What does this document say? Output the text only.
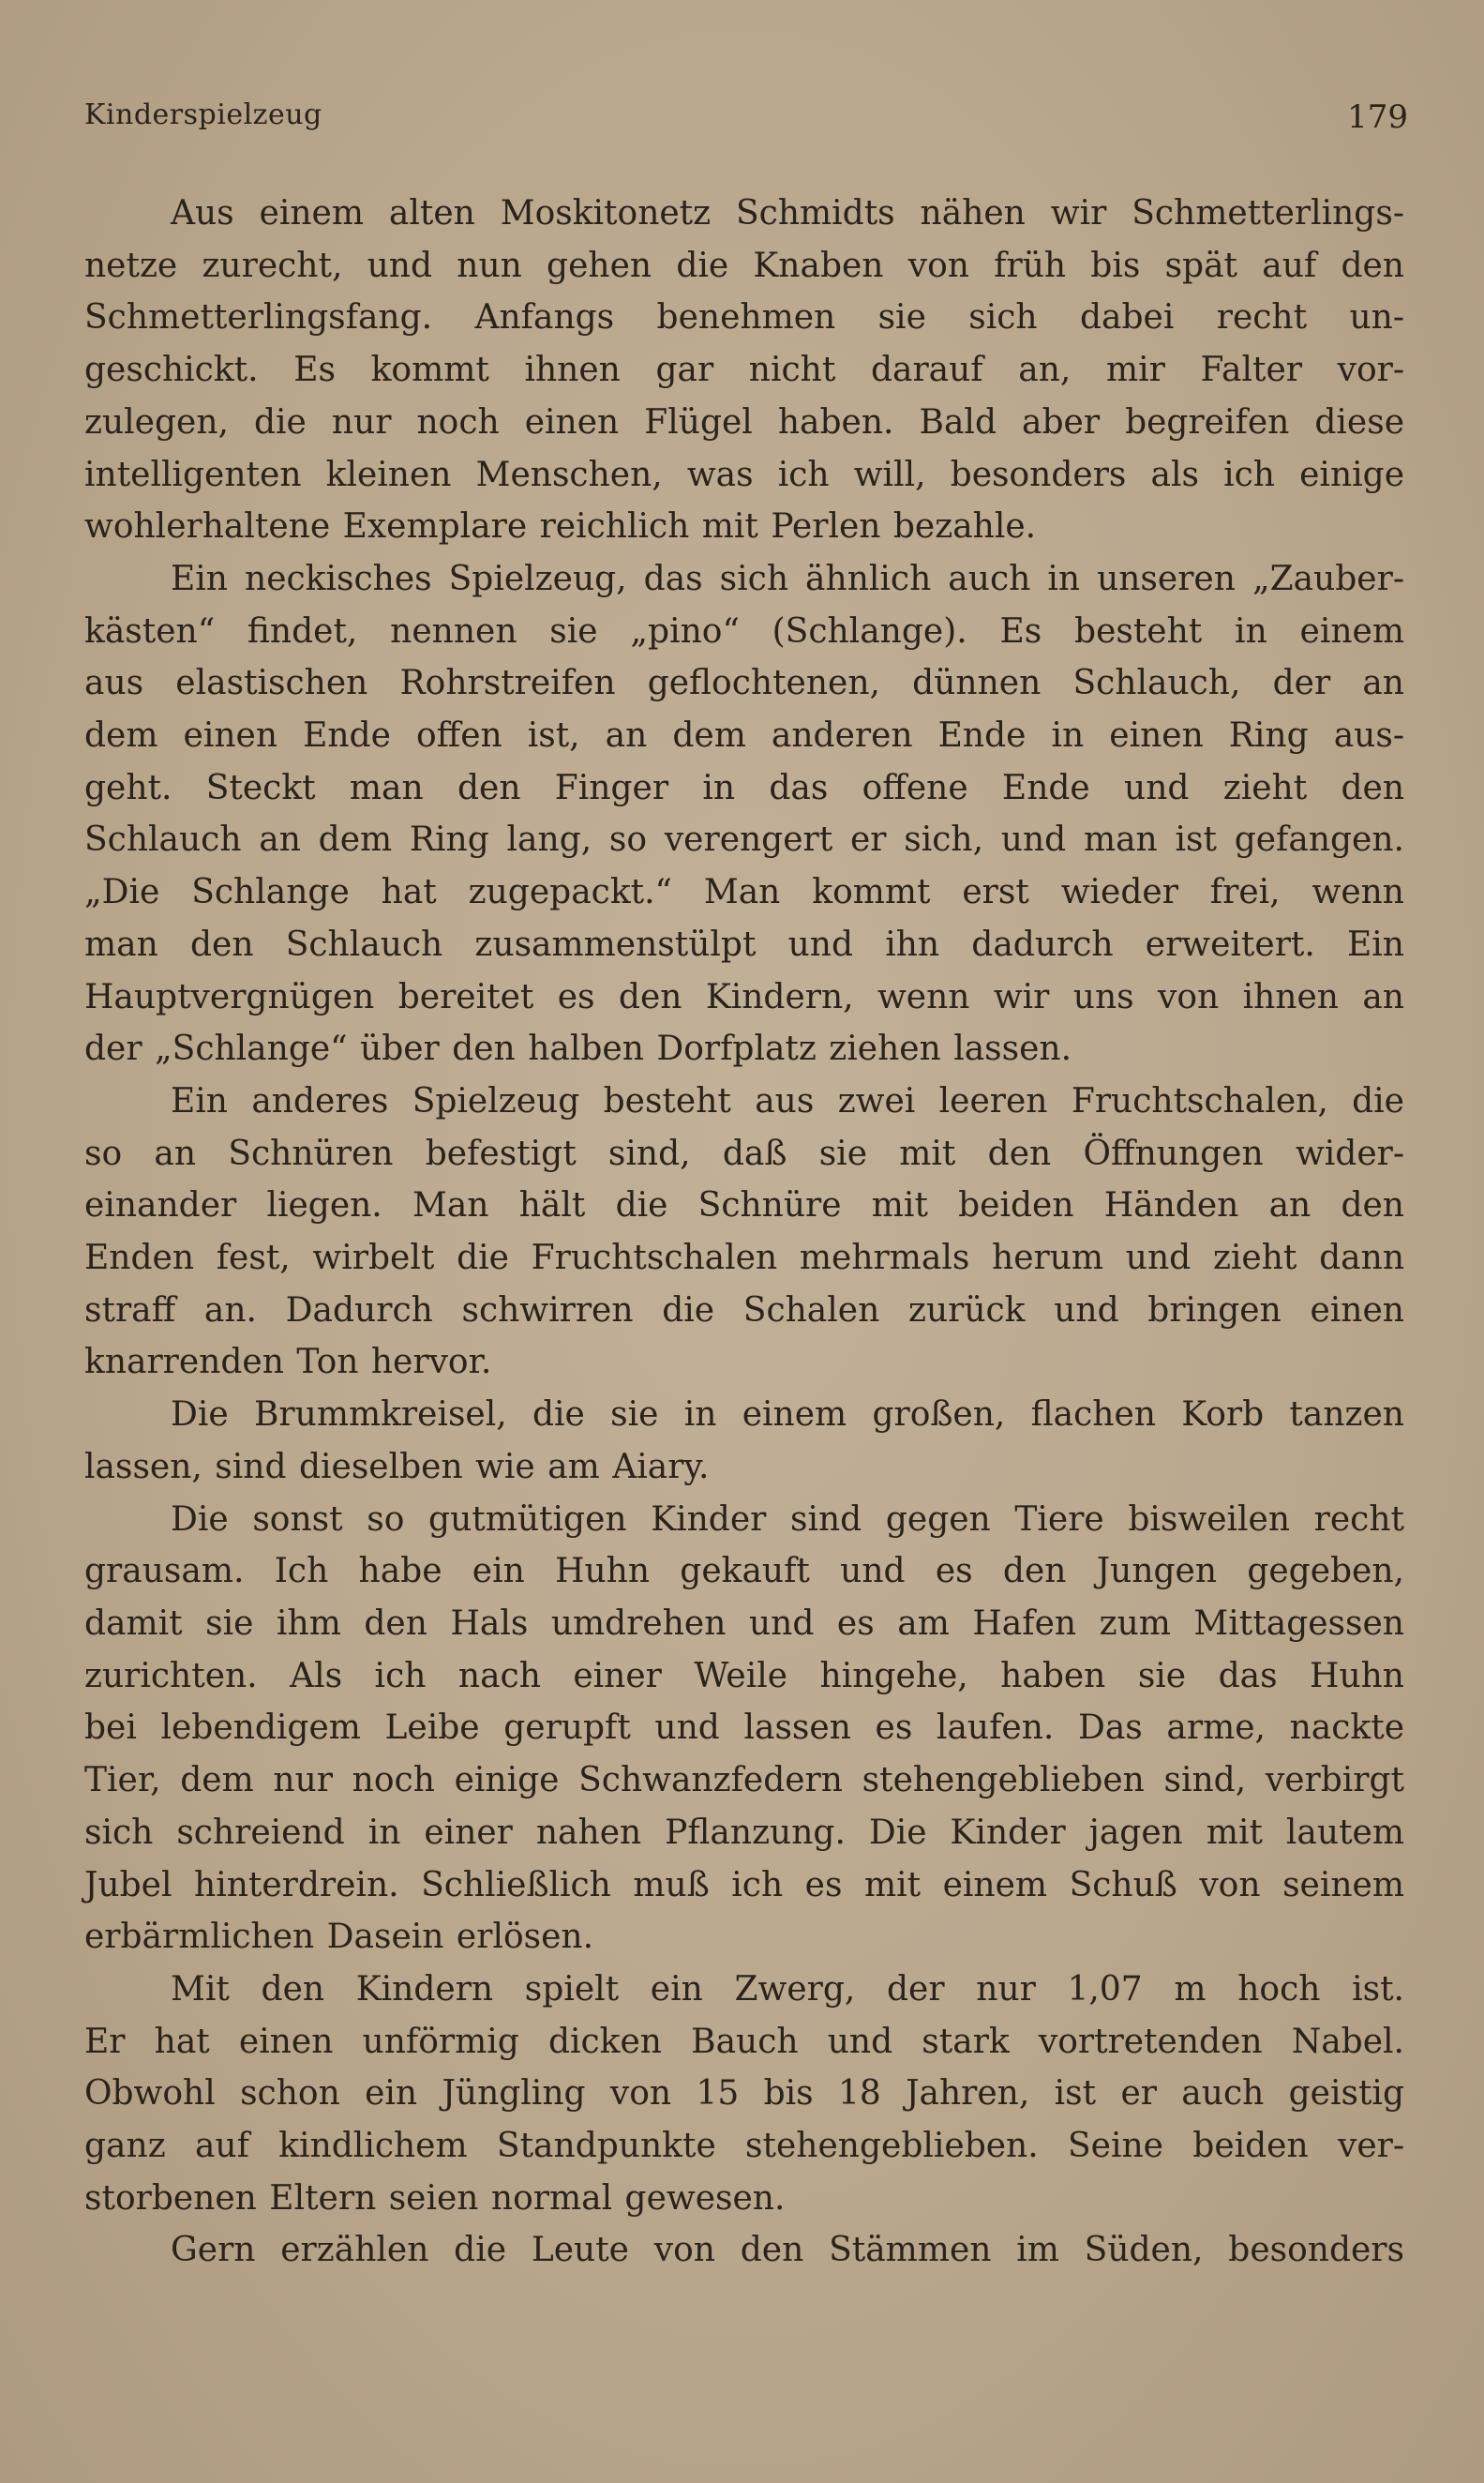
Kinderspielzeug	179

Aus einem alten Moskitonetz Schmidts nähen wir Schmetterlings-
netze zurecht, und nun gehen die Knaben von früh bis spät auf den
Schmetterlingsfang. Anfangs benehmen sie sich dabei recht un-
geschickt. Es kommt ihnen gar nicht darauf an, mir Falter vor-
zulegen, die nur noch einen Flügel haben. Bald aber begreifen diese
intelligenten kleinen Menschen, was ich will, besonders als ich einige
wohlerhaltene Exemplare reichlich mit Perlen bezahle.

Ein neckisches Spielzeug, das sich ähnlich auch in unseren „Zauber-
kästen“ findet, nennen sie „pino“ (Schlange). Es besteht in einem
aus elastischen Rohrstreifen geflochtenen, dünnen Schlauch, der an
dem einen Ende offen ist, an dem anderen Ende in einen Ring aus-
geht. Steckt man den Finger in das offene Ende und zieht den
Schlauch an dem Ring lang, so verengert er sich, und man ist gefangen.
„Die Schlange hat zugepackt.“ Man kommt erst wieder frei, wenn
man den Schlauch zusammenstülpt und ihn dadurch erweitert. Ein
Hauptvergnügen bereitet es den Kindern, wenn wir uns von ihnen an
der „Schlange“ über den halben Dorfplatz ziehen lassen.

Ein anderes Spielzeug besteht aus zwei leeren Fruchtschalen, die
so an Schnüren befestigt sind, daß sie mit den Öffnungen wider-
einander liegen. Man hält die Schnüre mit beiden Händen an den
Enden fest, wirbelt die Fruchtschalen mehrmals herum und zieht dann
straff an. Dadurch schwirren die Schalen zurück und bringen einen
knarrenden Ton hervor.

Die Brummkreisel, die sie in einem großen, flachen Korb tanzen
lassen, sind dieselben wie am Aiary.

Die sonst so gutmütigen Kinder sind gegen Tiere bisweilen recht
grausam. Ich habe ein Huhn gekauft und es den Jungen gegeben,
damit sie ihm den Hals umdrehen und es am Hafen zum Mittagessen
zurichten. Als ich nach einer Weile hingehe, haben sie das Huhn
bei lebendigem Leibe gerupft und lassen es laufen. Das arme, nackte
Tier, dem nur noch einige Schwanzfedern stehengeblieben sind, verbirgt
sich schreiend in einer nahen Pflanzung. Die Kinder jagen mit lautem
Jubel hinterdrein. Schließlich muß ich es mit einem Schuß von seinem
erbärmlichen Dasein erlösen.

Mit den Kindern spielt ein Zwerg, der nur 1,07 m hoch ist.
Er hat einen unförmig dicken Bauch und stark vortretenden Nabel.
Obwohl schon ein Jüngling von 15 bis 18 Jahren, ist er auch geistig
ganz auf kindlichem Standpunkte stehengeblieben. Seine beiden ver-
storbenen Eltern seien normal gewesen.

Gern erzählen die Leute von den Stämmen im Süden, besonders
